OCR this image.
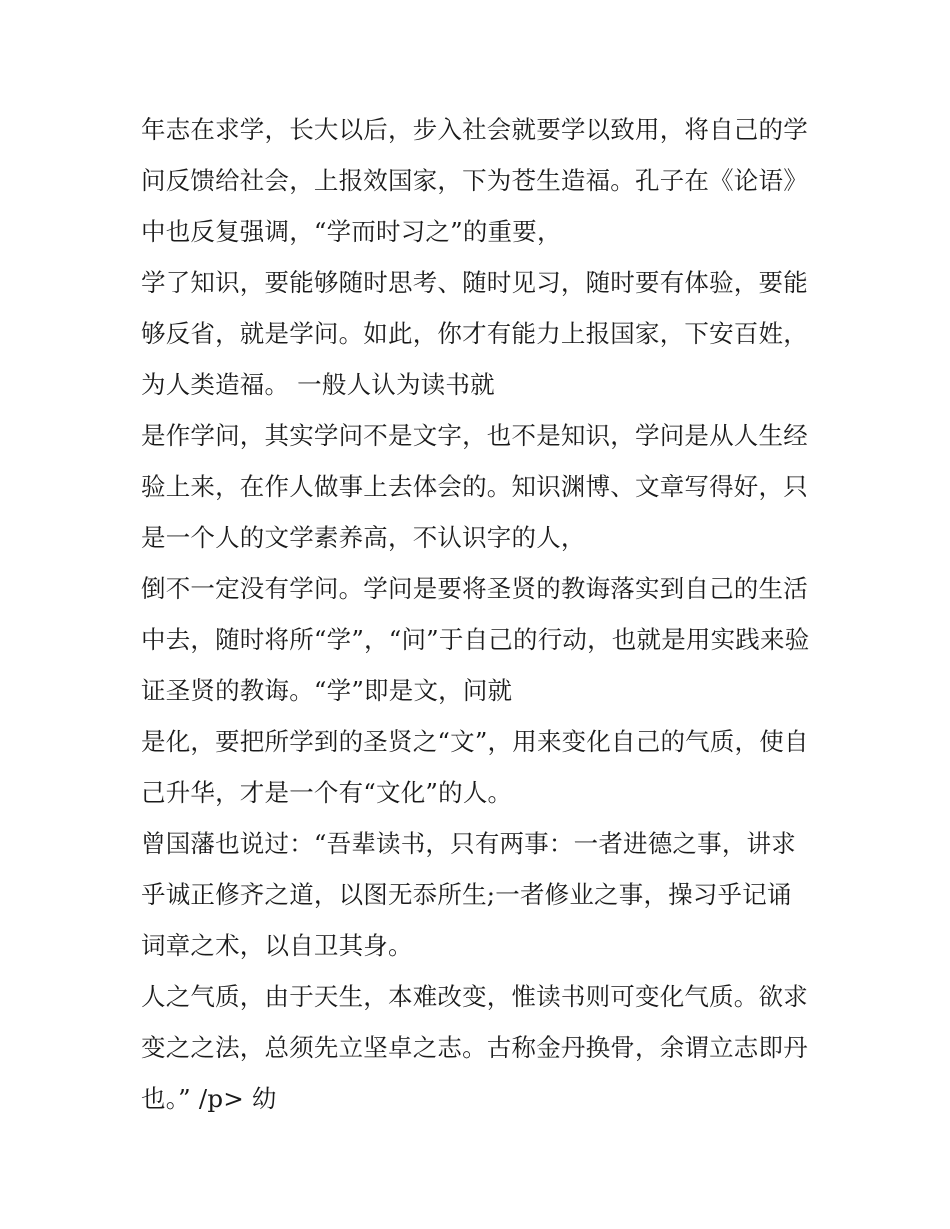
年志在求学，长大以后，步入社会就要学以致用，将自己的学
问反馈给社会，上报效国家，下为苍生造福。孔子在《论语》
中也反复强调，“学而时习之”的重要，
学了知识，要能够随时思考、随时见习，随时要有体验，要能
够反省，就是学问。如此，你才有能力上报国家，下安百姓，
为人类造福。 一般人认为读书就
是作学问，其实学问不是文字，也不是知识，学问是从人生经
验上来，在作人做事上去体会的。知识渊博、文章写得好，只
是一个人的文学素养高，不认识字的人，
倒不一定没有学问。学问是要将圣贤的教诲落实到自己的生活
中去，随时将所“学”，“问”于自己的行动，也就是用实践来验
证圣贤的教诲。“学”即是文，问就
是化，要把所学到的圣贤之“文”，用来变化自己的气质，使自
己升华，才是一个有“文化”的人。
曾国藩也说过：“吾辈读书，只有两事：一者进德之事，讲求
乎诚正修齐之道，以图无忝所生;一者修业之事，操习乎记诵
词章之术，以自卫其身。
人之气质，由于天生，本难改变，惟读书则可变化气质。欲求
变之之法，总须先立坚卓之志。古称金丹换骨，余谓立志即丹
也。” /p> 幼
